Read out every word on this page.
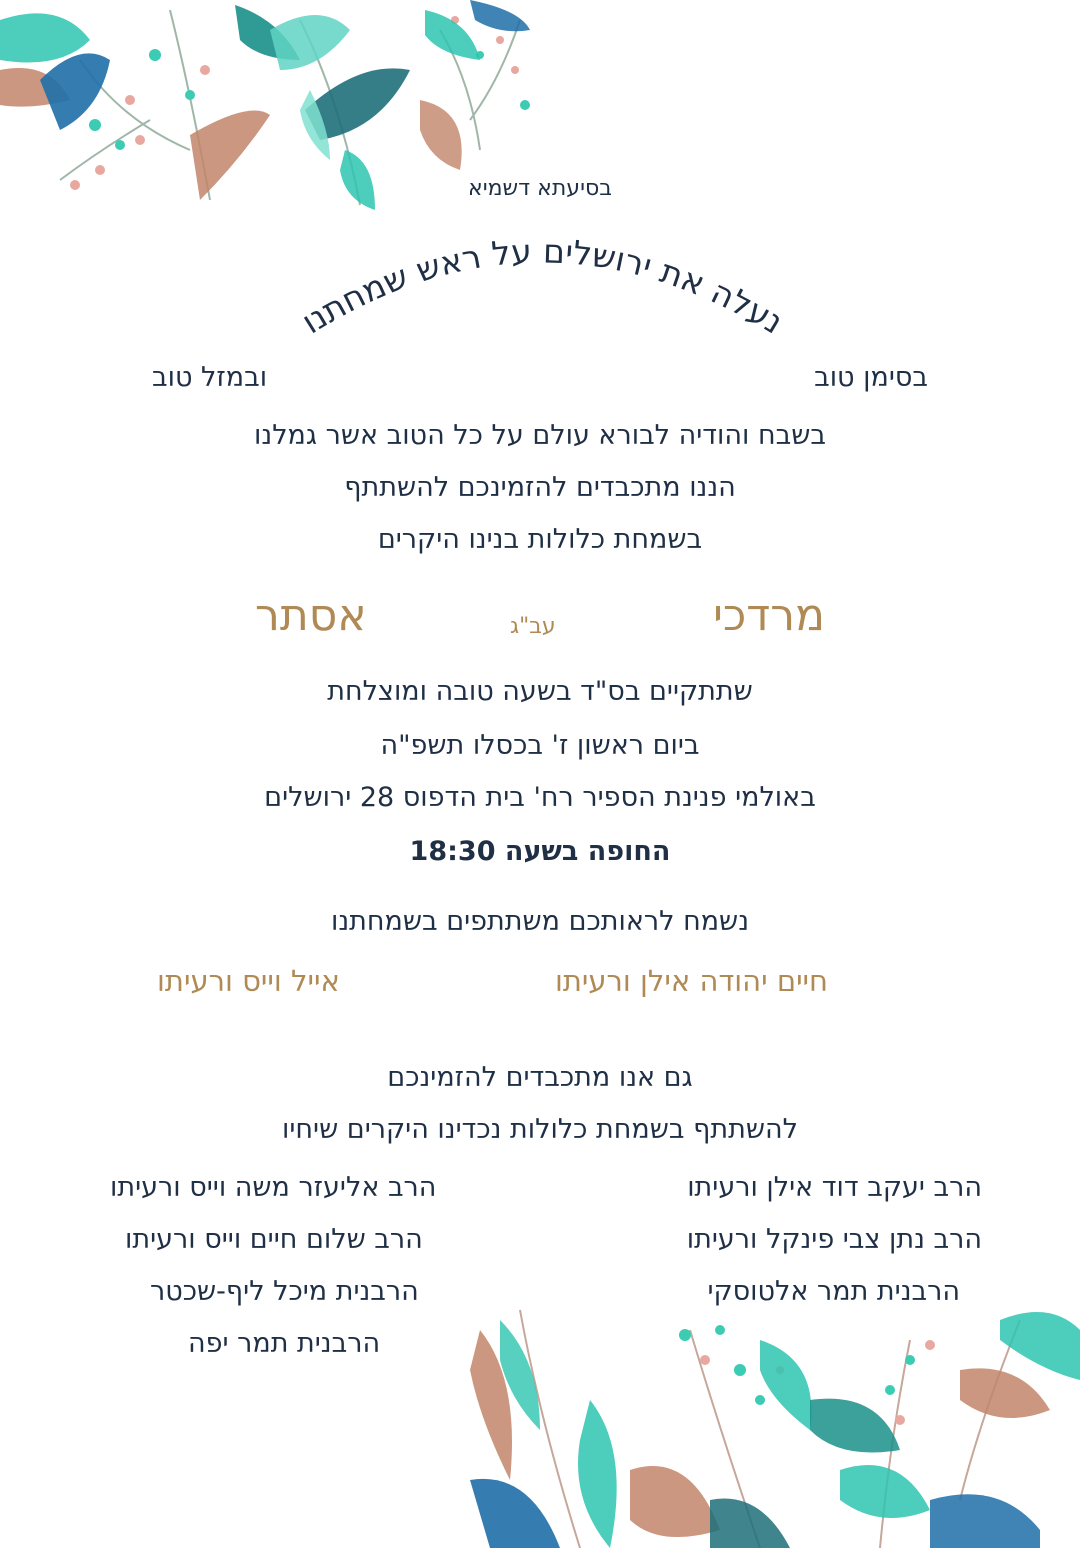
בסיעתא דשמיא
נעלה את ירושלים על ראש שמחתנו
בסימן טוב
ובמזל טוב
בשבח והודיה לבורא עולם על כל הטוב אשר גמלנו
הננו מתכבדים להזמינכם להשתתף
בשמחת כלולות בנינו היקרים
מרדכי
עב"ג
אסתר
שתתקיים בס"ד בשעה טובה ומוצלחת
ביום ראשון ז' בכסלו תשפ"ה
באולמי פנינת הספיר רח' בית הדפוס 28 ירושלים
החופה בשעה 18:30
נשמח לראותכם משתתפים בשמחתנו
חיים יהודה אילן ורעיתו
אייל וייס ורעיתו
גם אנו מתכבדים להזמינכם
להשתתף בשמחת כלולות נכדינו היקרים שיחיו
הרב יעקב דוד אילן ורעיתו
הרב נתן צבי פינקל ורעיתו
הרבנית תמר אלטוסקי
הרב אליעזר משה וייס ורעיתו
הרב שלום חיים וייס ורעיתו
הרבנית מיכל ליף-שכטר
הרבנית תמר יפה
